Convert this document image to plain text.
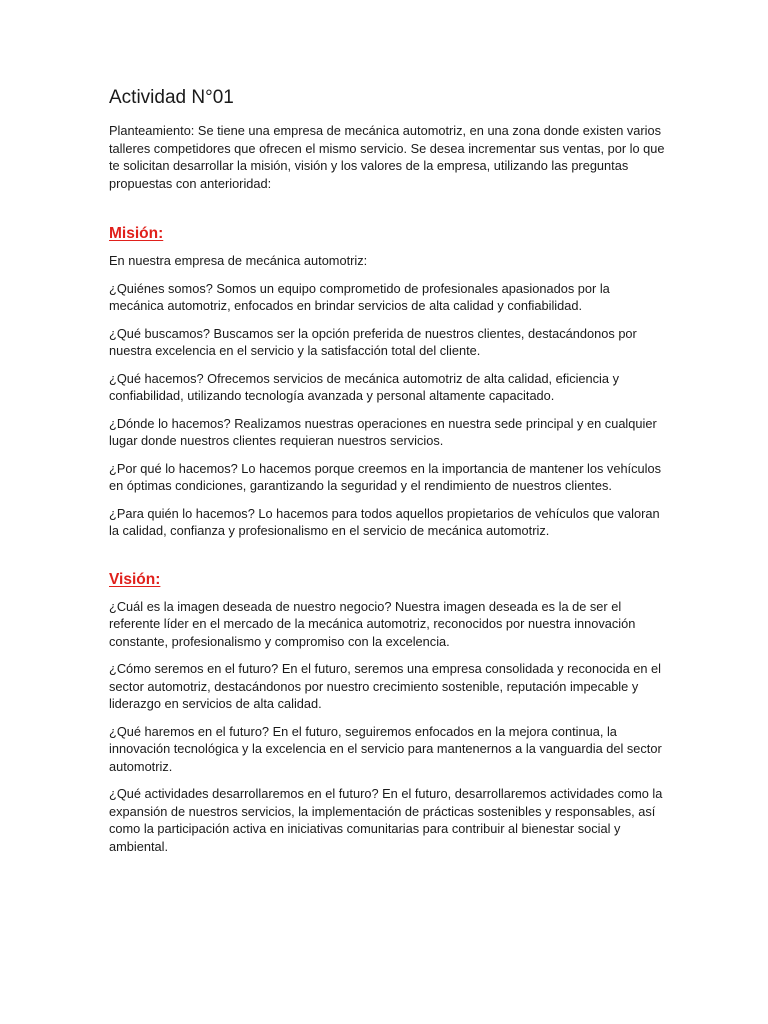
Actividad N°01

Planteamiento: Se tiene una empresa de mecánica automotriz, en una zona donde existen varios talleres competidores que ofrecen el mismo servicio. Se desea incrementar sus ventas, por lo que te solicitan desarrollar la misión, visión y los valores de la empresa, utilizando las preguntas propuestas con anterioridad:

Misión:

En nuestra empresa de mecánica automotriz:

¿Quiénes somos? Somos un equipo comprometido de profesionales apasionados por la mecánica automotriz, enfocados en brindar servicios de alta calidad y confiabilidad.

¿Qué buscamos? Buscamos ser la opción preferida de nuestros clientes, destacándonos por nuestra excelencia en el servicio y la satisfacción total del cliente.

¿Qué hacemos? Ofrecemos servicios de mecánica automotriz de alta calidad, eficiencia y confiabilidad, utilizando tecnología avanzada y personal altamente capacitado.

¿Dónde lo hacemos? Realizamos nuestras operaciones en nuestra sede principal y en cualquier lugar donde nuestros clientes requieran nuestros servicios.

¿Por qué lo hacemos? Lo hacemos porque creemos en la importancia de mantener los vehículos en óptimas condiciones, garantizando la seguridad y el rendimiento de nuestros clientes.

¿Para quién lo hacemos? Lo hacemos para todos aquellos propietarios de vehículos que valoran la calidad, confianza y profesionalismo en el servicio de mecánica automotriz.

Visión:

¿Cuál es la imagen deseada de nuestro negocio? Nuestra imagen deseada es la de ser el referente líder en el mercado de la mecánica automotriz, reconocidos por nuestra innovación constante, profesionalismo y compromiso con la excelencia.

¿Cómo seremos en el futuro? En el futuro, seremos una empresa consolidada y reconocida en el sector automotriz, destacándonos por nuestro crecimiento sostenible, reputación impecable y liderazgo en servicios de alta calidad.

¿Qué haremos en el futuro? En el futuro, seguiremos enfocados en la mejora continua, la innovación tecnológica y la excelencia en el servicio para mantenernos a la vanguardia del sector automotriz.

¿Qué actividades desarrollaremos en el futuro? En el futuro, desarrollaremos actividades como la expansión de nuestros servicios, la implementación de prácticas sostenibles y responsables, así como la participación activa en iniciativas comunitarias para contribuir al bienestar social y ambiental.
